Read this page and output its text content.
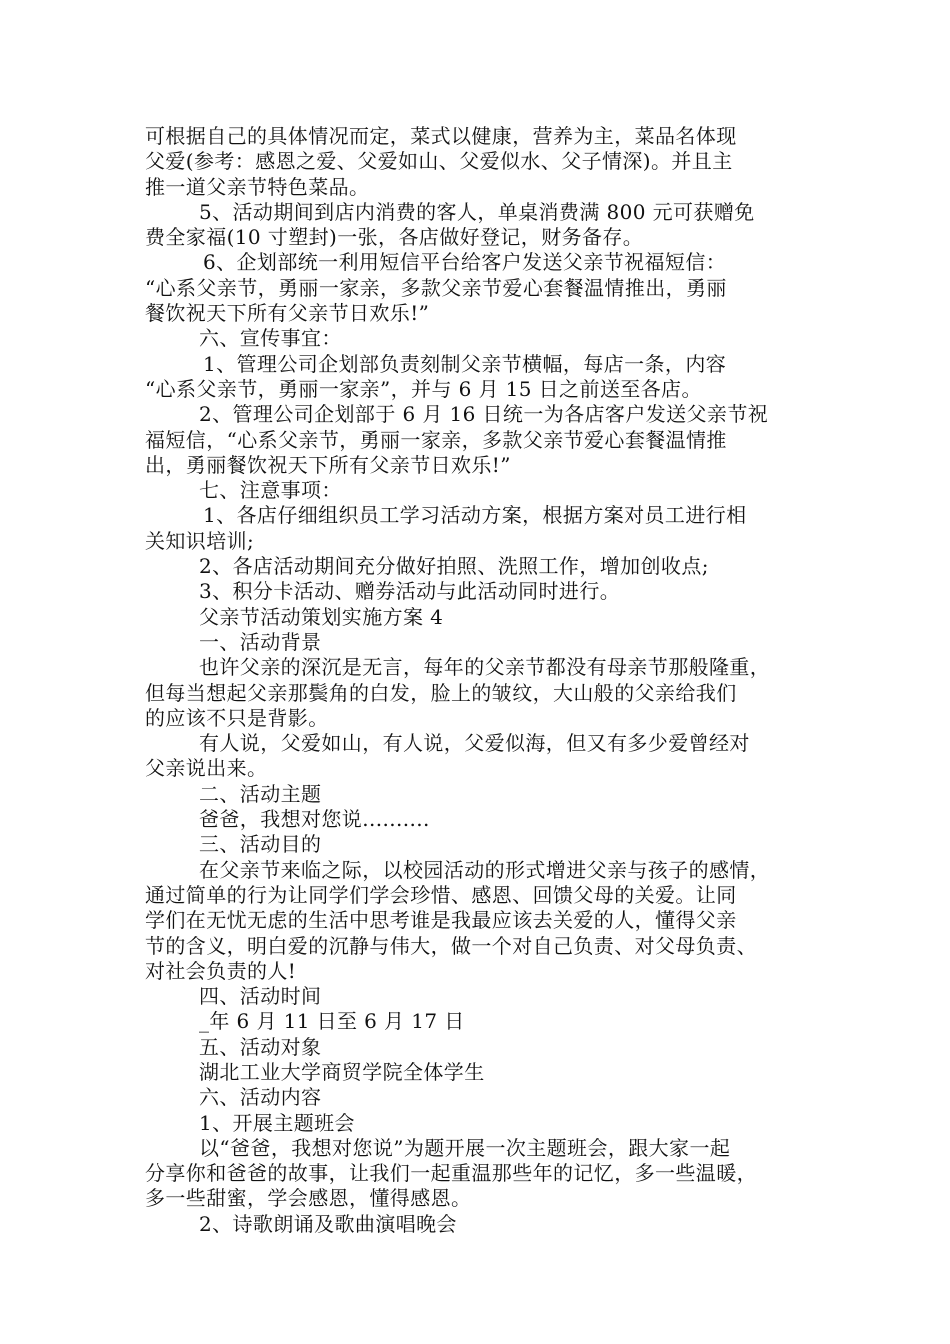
可根据自己的具体情况而定，菜式以健康，营养为主，菜品名体现
父爱(参考：感恩之爱、父爱如山、父爱似水、父子情深)。并且主
推一道父亲节特色菜品。
5、活动期间到店内消费的客人，单桌消费满 800 元可获赠免
费全家福(10 寸塑封)一张，各店做好登记，财务备存。
6、企划部统一利用短信平台给客户发送父亲节祝福短信：
“心系父亲节，勇丽一家亲，多款父亲节爱心套餐温情推出，勇丽
餐饮祝天下所有父亲节日欢乐!”
六、宣传事宜：
1、管理公司企划部负责刻制父亲节横幅，每店一条，内容
“心系父亲节，勇丽一家亲”，并与 6 月 15 日之前送至各店。
2、管理公司企划部于 6 月 16 日统一为各店客户发送父亲节祝
福短信，“心系父亲节，勇丽一家亲，多款父亲节爱心套餐温情推
出，勇丽餐饮祝天下所有父亲节日欢乐!”
七、注意事项：
1、各店仔细组织员工学习活动方案，根据方案对员工进行相
关知识培训;
2、各店活动期间充分做好拍照、洗照工作，增加创收点;
3、积分卡活动、赠券活动与此活动同时进行。
父亲节活动策划实施方案 4
一、活动背景
也许父亲的深沉是无言，每年的父亲节都没有母亲节那般隆重，
但每当想起父亲那鬓角的白发，脸上的皱纹，大山般的父亲给我们
的应该不只是背影。
有人说，父爱如山，有人说，父爱似海，但又有多少爱曾经对
父亲说出来。
二、活动主题
爸爸，我想对您说..........
三、活动目的
在父亲节来临之际，以校园活动的形式增进父亲与孩子的感情，
通过简单的行为让同学们学会珍惜、感恩、回馈父母的关爱。让同
学们在无忧无虑的生活中思考谁是我最应该去关爱的人，懂得父亲
节的含义，明白爱的沉静与伟大，做一个对自己负责、对父母负责、
对社会负责的人!
四、活动时间
_年 6 月 11 日至 6 月 17 日
五、活动对象
湖北工业大学商贸学院全体学生
六、活动内容
1、开展主题班会
以“爸爸，我想对您说”为题开展一次主题班会，跟大家一起
分享你和爸爸的故事，让我们一起重温那些年的记忆，多一些温暖，
多一些甜蜜，学会感恩，懂得感恩。
2、诗歌朗诵及歌曲演唱晚会
